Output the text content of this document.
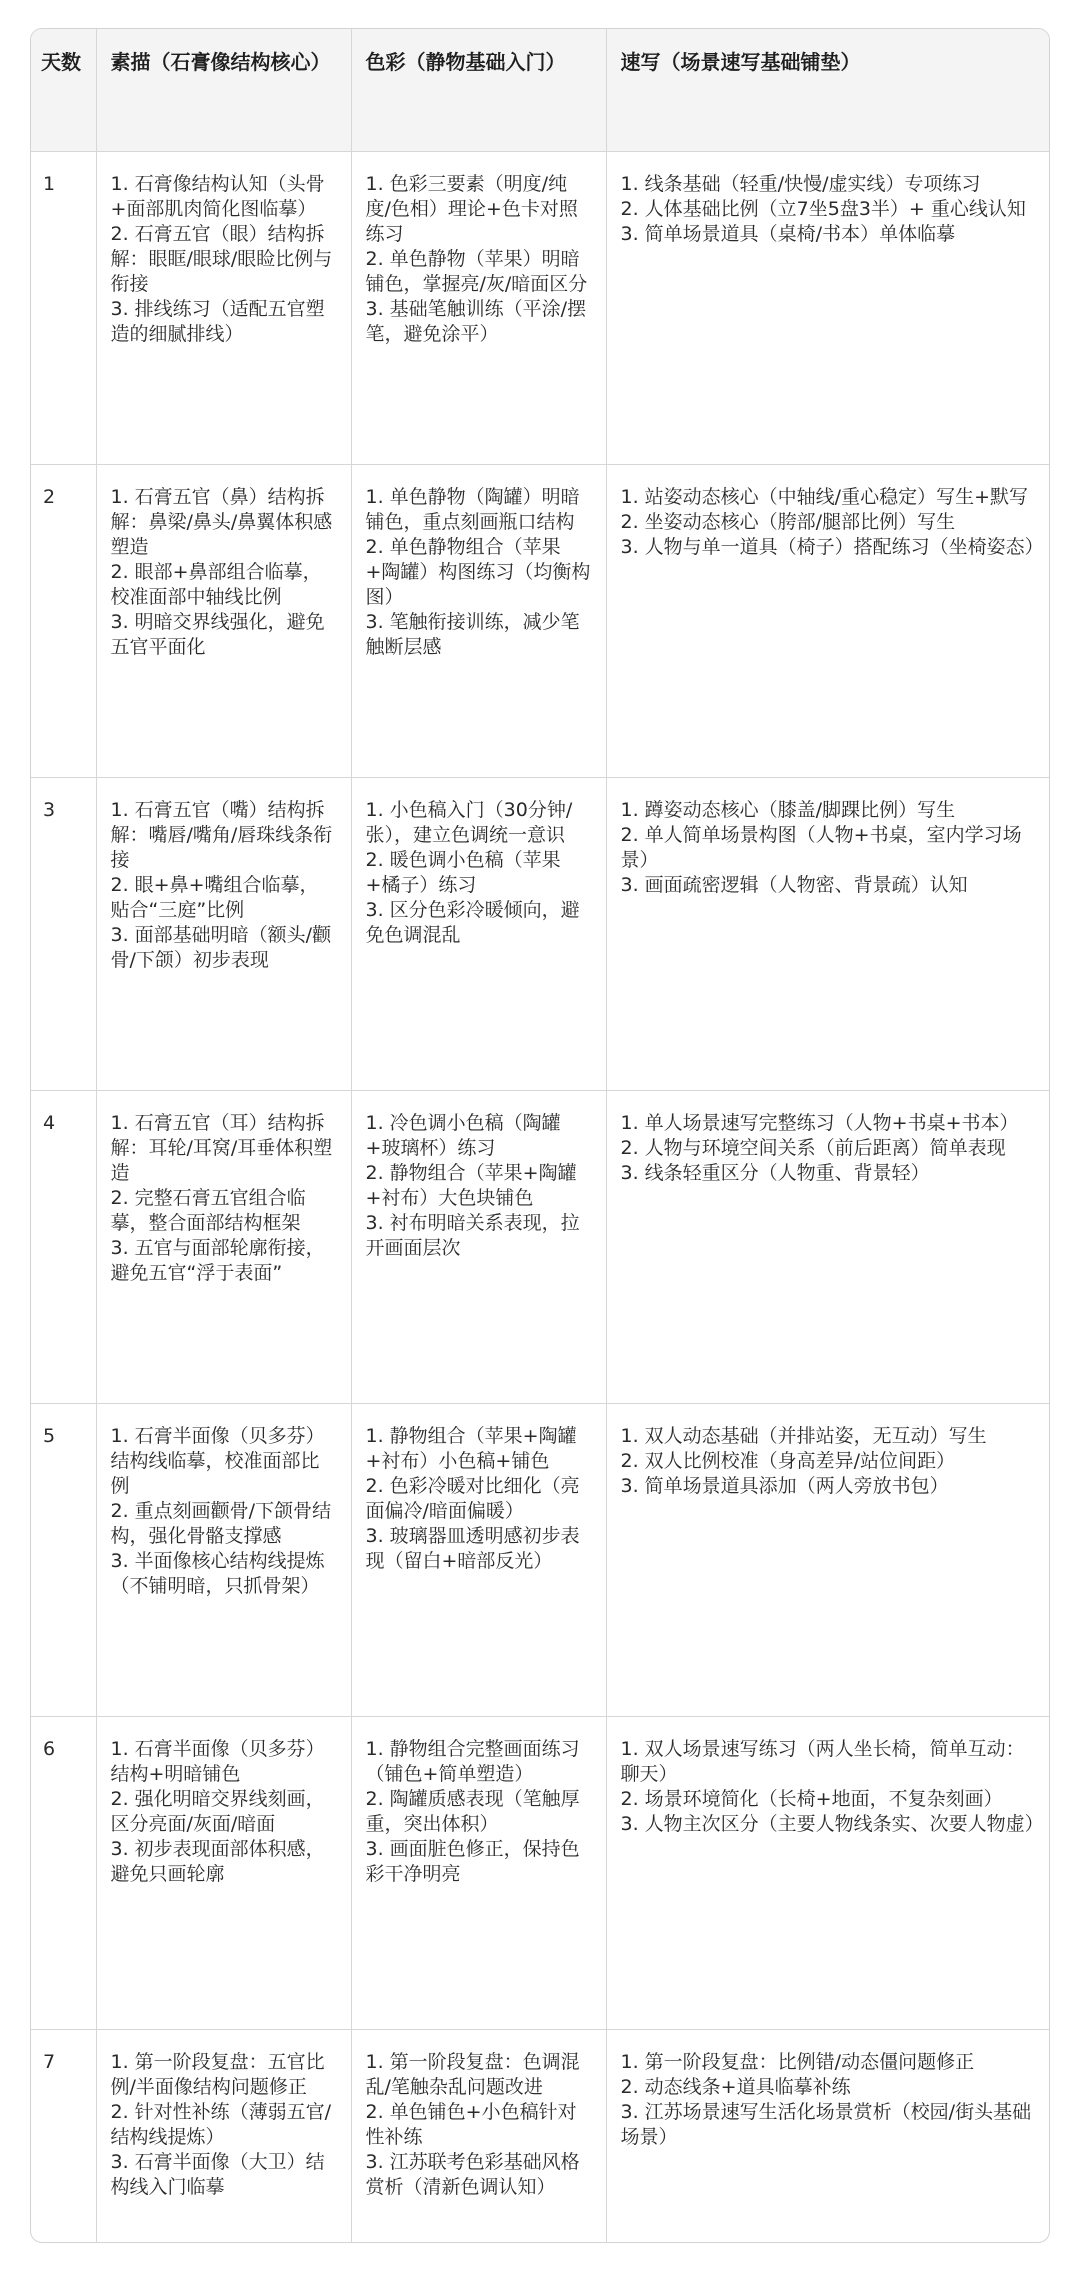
天数	素描（石膏像结构核心）	色彩（静物基础入门）	速写（场景速写基础铺垫）
1	1. 石膏像结构认知（头骨+面部肌肉简化图临摹）
2. 石膏五官（眼）结构拆解：眼眶/眼球/眼睑比例与衔接
3. 排线练习（适配五官塑造的细腻排线）	1. 色彩三要素（明度/纯度/色相）理论+色卡对照练习
2. 单色静物（苹果）明暗铺色，掌握亮/灰/暗面区分
3. 基础笔触训练（平涂/摆笔，避免涂平）	1. 线条基础（轻重/快慢/虚实线）专项练习
2. 人体基础比例（立7坐5盘3半）+ 重心线认知
3. 简单场景道具（桌椅/书本）单体临摹

2	1. 石膏五官（鼻）结构拆解：鼻梁/鼻头/鼻翼体积感塑造
2. 眼部+鼻部组合临摹，校准面部中轴线比例
3. 明暗交界线强化，避免五官平面化	1. 单色静物（陶罐）明暗铺色，重点刻画瓶口结构
2. 单色静物组合（苹果+陶罐）构图练习（均衡构图）
3. 笔触衔接训练，减少笔触断层感	1. 站姿动态核心（中轴线/重心稳定）写生+默写
2. 坐姿动态核心（胯部/腿部比例）写生
3. 人物与单一道具（椅子）搭配练习（坐椅姿态）

3	1. 石膏五官（嘴）结构拆解：嘴唇/嘴角/唇珠线条衔接
2. 眼+鼻+嘴组合临摹，贴合“三庭”比例
3. 面部基础明暗（额头/颧骨/下颌）初步表现	1. 小色稿入门（30分钟/张），建立色调统一意识
2. 暖色调小色稿（苹果+橘子）练习
3. 区分色彩冷暖倾向，避免色调混乱	1. 蹲姿动态核心（膝盖/脚踝比例）写生
2. 单人简单场景构图（人物+书桌，室内学习场景）
3. 画面疏密逻辑（人物密、背景疏）认知

4	1. 石膏五官（耳）结构拆解：耳轮/耳窝/耳垂体积塑造
2. 完整石膏五官组合临摹，整合面部结构框架
3. 五官与面部轮廓衔接，避免五官“浮于表面”	1. 冷色调小色稿（陶罐+玻璃杯）练习
2. 静物组合（苹果+陶罐+衬布）大色块铺色
3. 衬布明暗关系表现，拉开画面层次	1. 单人场景速写完整练习（人物+书桌+书本）
2. 人物与环境空间关系（前后距离）简单表现
3. 线条轻重区分（人物重、背景轻）

5	1. 石膏半面像（贝多芬）结构线临摹，校准面部比例
2. 重点刻画颧骨/下颌骨结构，强化骨骼支撑感
3. 半面像核心结构线提炼（不铺明暗，只抓骨架）	1. 静物组合（苹果+陶罐+衬布）小色稿+铺色
2. 色彩冷暖对比细化（亮面偏冷/暗面偏暖）
3. 玻璃器皿透明感初步表现（留白+暗部反光）	1. 双人动态基础（并排站姿，无互动）写生
2. 双人比例校准（身高差异/站位间距）
3. 简单场景道具添加（两人旁放书包）

6	1. 石膏半面像（贝多芬）结构+明暗铺色
2. 强化明暗交界线刻画，区分亮面/灰面/暗面
3. 初步表现面部体积感，避免只画轮廓	1. 静物组合完整画面练习（铺色+简单塑造）
2. 陶罐质感表现（笔触厚重，突出体积）
3. 画面脏色修正，保持色彩干净明亮	1. 双人场景速写练习（两人坐长椅，简单互动：聊天）
2. 场景环境简化（长椅+地面，不复杂刻画）
3. 人物主次区分（主要人物线条实、次要人物虚）

7	1. 第一阶段复盘：五官比例/半面像结构问题修正
2. 针对性补练（薄弱五官/结构线提炼）
3. 石膏半面像（大卫）结构线入门临摹	1. 第一阶段复盘：色调混乱/笔触杂乱问题改进
2. 单色铺色+小色稿针对性补练
3. 江苏联考色彩基础风格赏析（清新色调认知）	1. 第一阶段复盘：比例错/动态僵问题修正
2. 动态线条+道具临摹补练
3. 江苏场景速写生活化场景赏析（校园/街头基础场景）
